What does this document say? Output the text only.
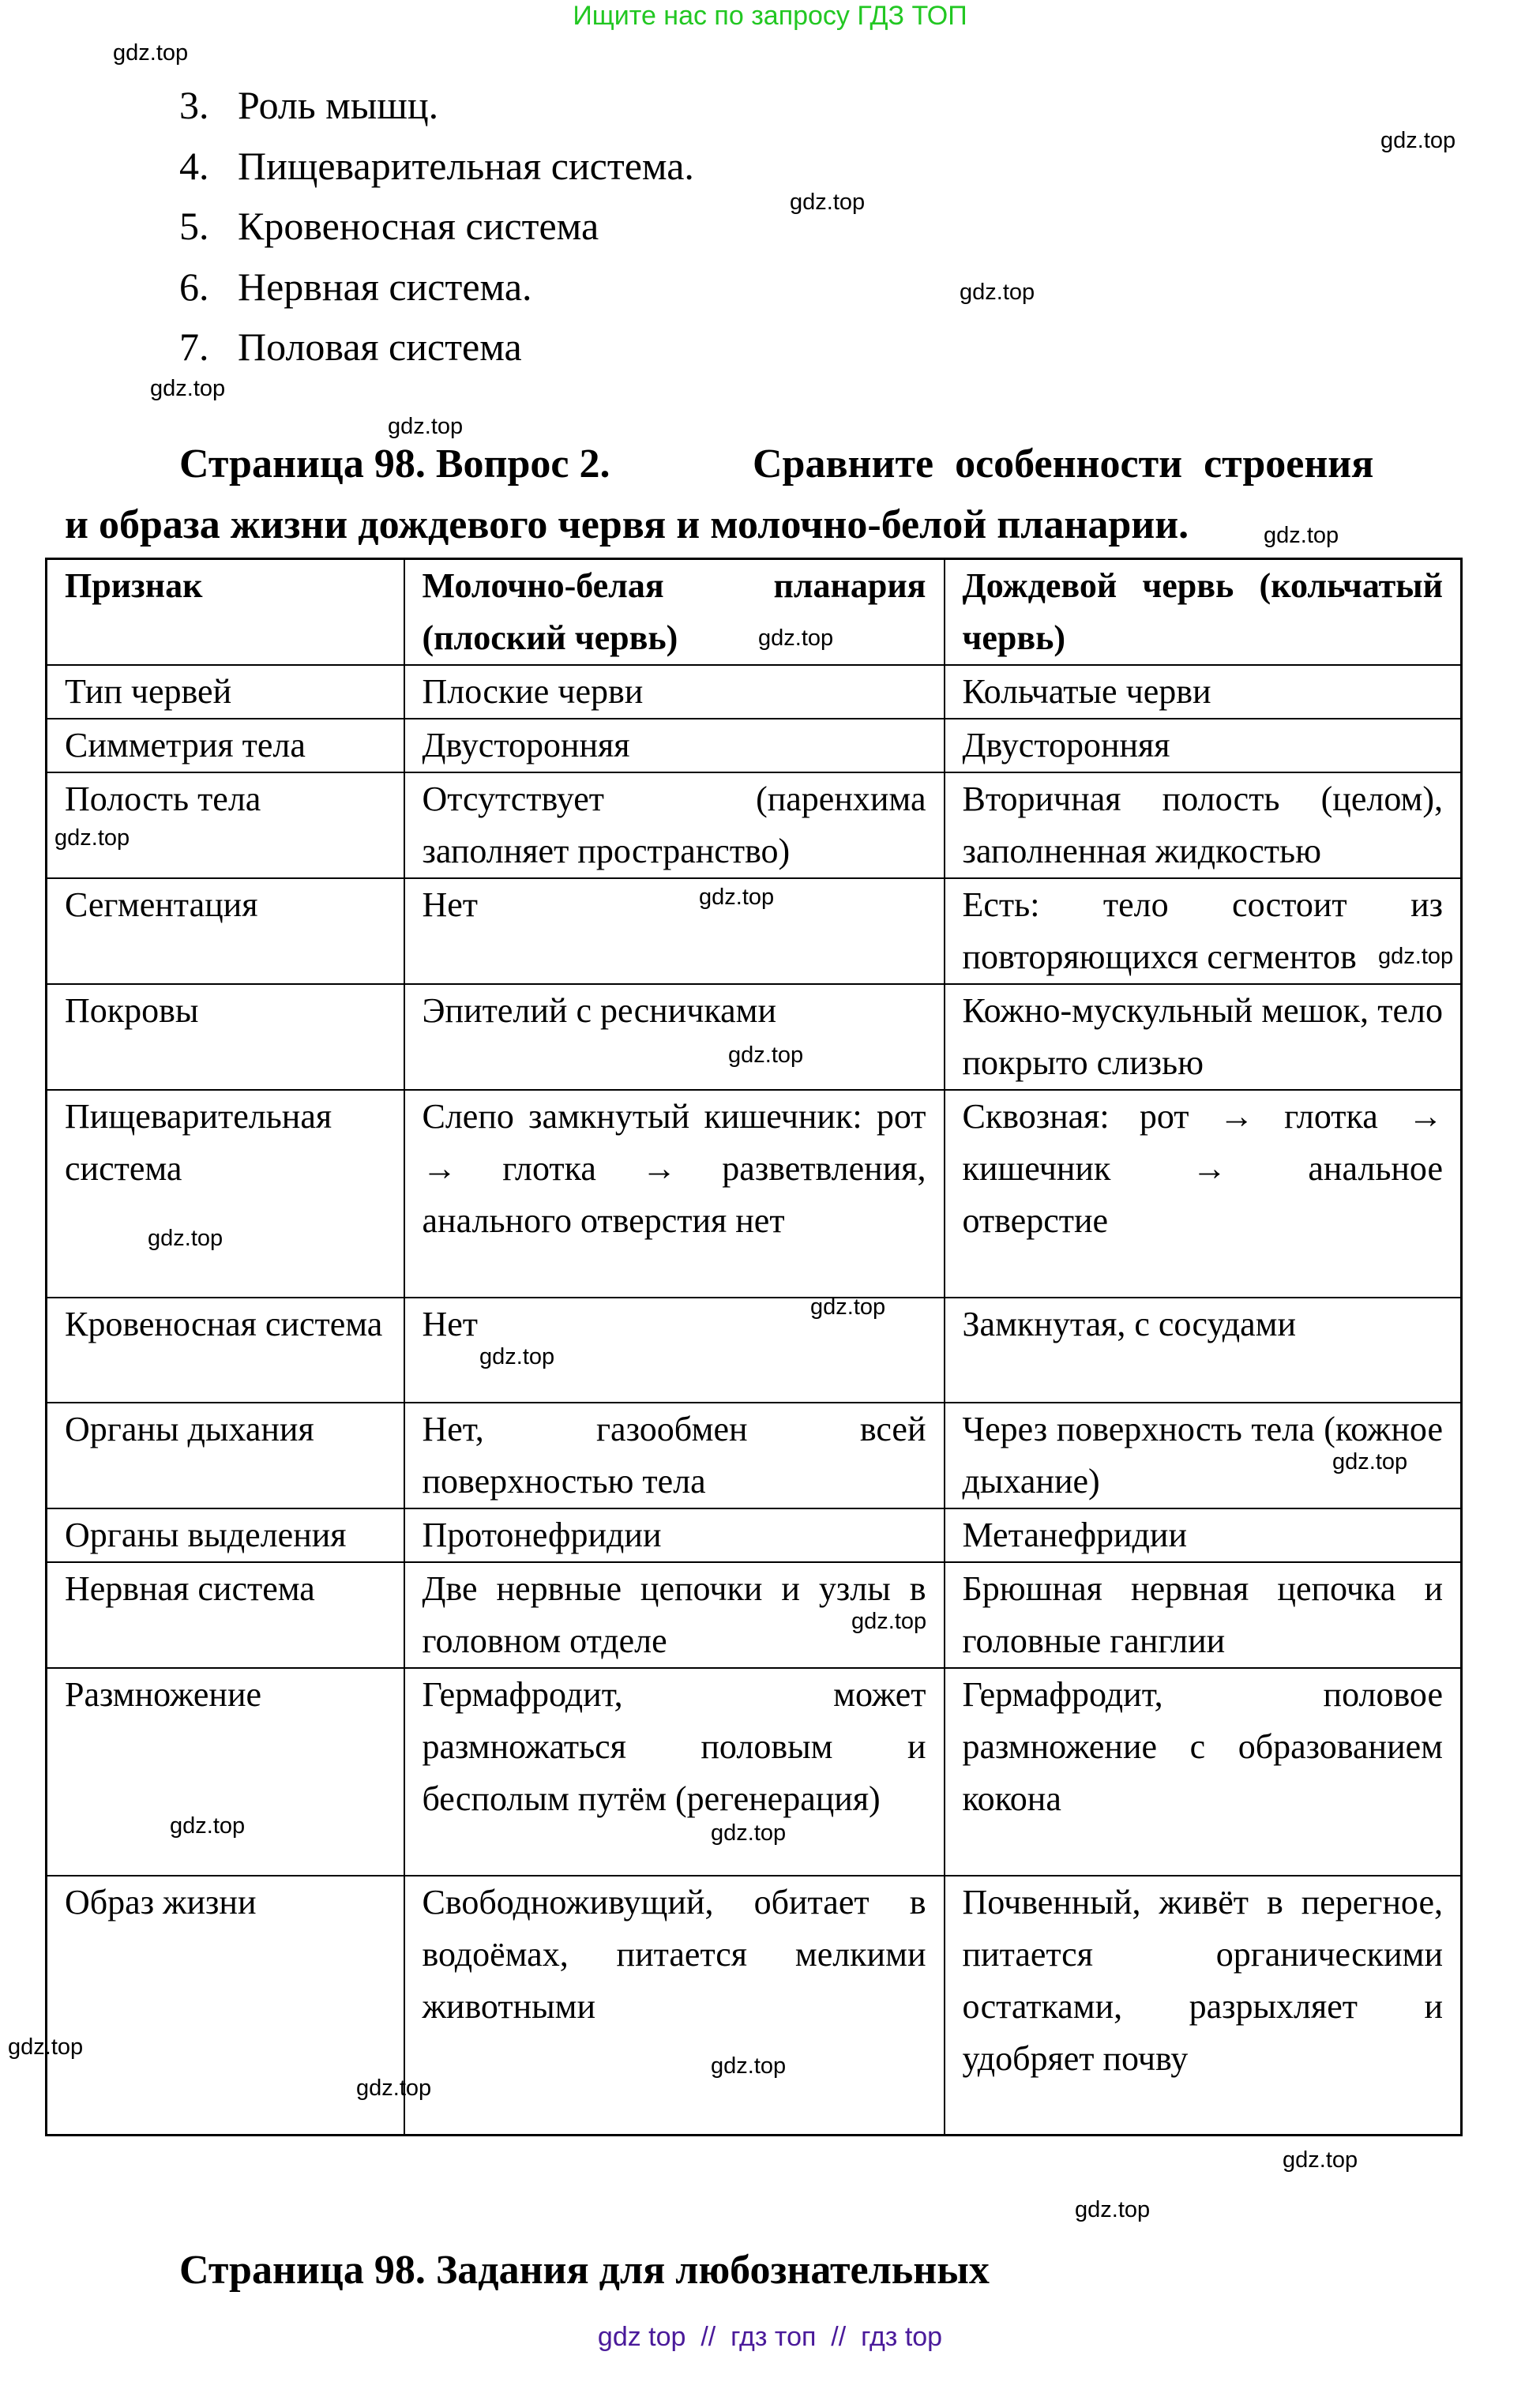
Ищите нас по запросу ГДЗ ТОП
3. Роль мышц.
4. Пищеварительная система.
5. Кровеносная система
6. Нервная система.
7. Половая система
Страница 98. Вопрос 2.	Сравните особенности строения
и образа жизни дождевого червя и молочно-белой планарии.
Признак	Молочно-белая планария (плоский червь)	Дождевой червь (кольчатый червь)
Тип червей	Плоские черви	Кольчатые черви
Симметрия тела	Двусторонняя	Двусторонняя
Полость тела	Отсутствует (паренхима заполняет пространство)	Вторичная полость (целом), заполненная жидкостью
Сегментация	Нет	Есть: тело состоит из повторяющихся сегментов
Покровы	Эпителий с ресничками	Кожно-мускульный мешок, тело покрыто слизью
Пищеварительная система	Слепо замкнутый кишечник: рот → глотка → разветвления, анального отверстия нет	Сквозная: рот → глотка → кишечник → анальное отверстие
Кровеносная система	Нет	Замкнутая, с сосудами
Органы дыхания	Нет, газообмен всей поверхностью тела	Через поверхность тела (кожное дыхание)
Органы выделения	Протонефридии	Метанефридии
Нервная система	Две нервные цепочки и узлы в головном отделе	Брюшная нервная цепочка и головные ганглии
Размножение	Гермафродит, может размножаться половым и бесполым путём (регенерация)	Гермафродит, половое размножение с образованием кокона
Образ жизни	Свободноживущий, обитает в водоёмах, питается мелкими животными	Почвенный, живёт в перегное, питается органическими остатками, разрыхляет и удобряет почву
Страница 98. Задания для любознательных
gdz.top
gdz.top
gdz.top
gdz.top
gdz.top
gdz.top
gdz.top
gdz.top
gdz.top
gdz.top
gdz.top
gdz.top
gdz.top
gdz.top
gdz.top
gdz.top
gdz.top
gdz.top
gdz.top
gdz.top
gdz.top
gdz.top
gdz.top
gdz.top
gdz top  //  гдз топ  //  гдз top
